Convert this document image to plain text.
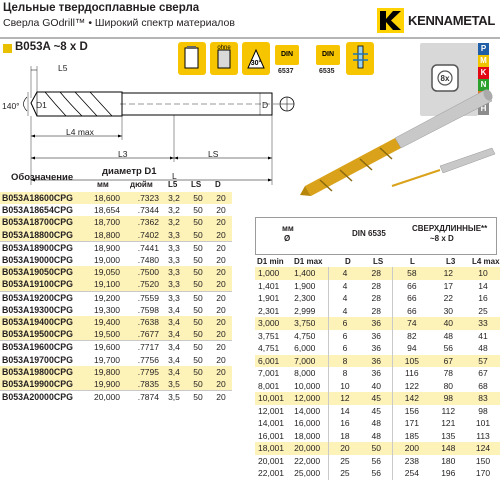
Цельные твердосплавные сверла
Сверла GOdrill™ • Широкий спектр материалов	KENNAMETAL
B053A ~8 x D	ohne
30°
DIN
6537
DIN
6535
8x
P
M
K
N
H
140° D1	D
L5
L4 max
L3	LS
L
Обозначение
диаметр D1
мм	дюйм L5 LS D
B053A18600CPG	18,600	.7323	3,2	50	20
B053A18654CPG	18,654	.7344	3,2	50	20
B053A18700CPG	18,700	.7362	3,2	50	20
B053A18800CPG	18,800	.7402	3,3	50	20
B053A18900CPG	18,900	.7441	3,3	50	20
B053A19000CPG	19,000	.7480	3,3	50	20
B053A19050CPG	19,050	.7500	3,3	50	20
B053A19100CPG	19,100	.7520	3,3	50	20
B053A19200CPG	19,200	.7559	3,3	50	20
B053A19300CPG	19,300	.7598	3,4	50	20
B053A19400CPG	19,400	.7638	3,4	50	20
B053A19500CPG	19,500	.7677	3,4	50	20
B053A19600CPG	19,600	.7717	3,4	50	20
B053A19700CPG	19,700	.7756	3,4	50	20
B053A19800CPG	19,800	.7795	3,4	50	20
B053A19900CPG	19,900	.7835	3,5	50	20
B053A20000CPG	20,000	.7874	3,5	50	20
мм
Ø
DIN 6535
СВЕРХДЛИННЫЕ**
~8 x D
D1 min D1 max	D	LS	L	L3 L4 max
1,000	1,400	4	28	58	12	10
1,401	1,900	4	28	66	17	14
1,901	2,300	4	28	66	22	16
2,301	2,999	4	28	66	30	25
3,000	3,750	6	36	74	40	33
3,751	4,750	6	36	82	48	41
4,751	6,000	6	36	94	56	48
6,001	7,000	8	36	105	67	57
7,001	8,000	8	36	116	78	67
8,001	10,000	10	40	122	80	68
10,001	12,000	12	45	142	98	83
12,001	14,000	14	45	156	112	98
14,001	16,000	16	48	171	121	101
16,001	18,000	18	48	185	135	113
18,001	20,000	20	50	200	148	124
20,001	22,000	25	56	238	180	150
22,001	25,000	25	56	254	196	170
